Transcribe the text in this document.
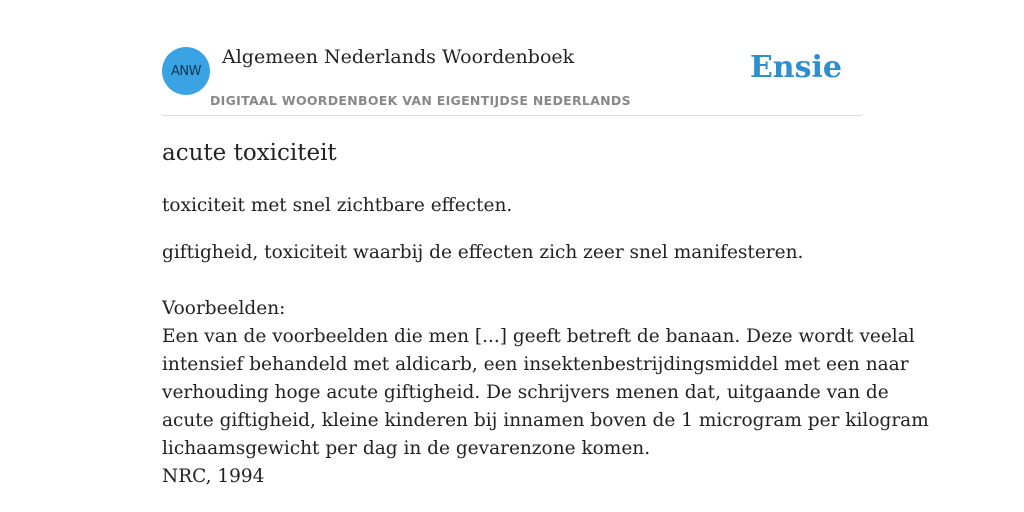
ANW
Algemeen Nederlands Woordenboek
DIGITAAL WOORDENBOEK VAN EIGENTIJDSE NEDERLANDS
Ensie
acute toxiciteit
toxiciteit met snel zichtbare effecten.
giftigheid, toxiciteit waarbij de effecten zich zeer snel manifesteren.
Voorbeelden:
Een van de voorbeelden die men [...] geeft betreft de banaan. Deze wordt veelal
intensief behandeld met aldicarb, een insektenbestrijdingsmiddel met een naar
verhouding hoge acute giftigheid. De schrijvers menen dat, uitgaande van de
acute giftigheid, kleine kinderen bij innamen boven de 1 microgram per kilogram
lichaamsgewicht per dag in de gevarenzone komen.
NRC, 1994
